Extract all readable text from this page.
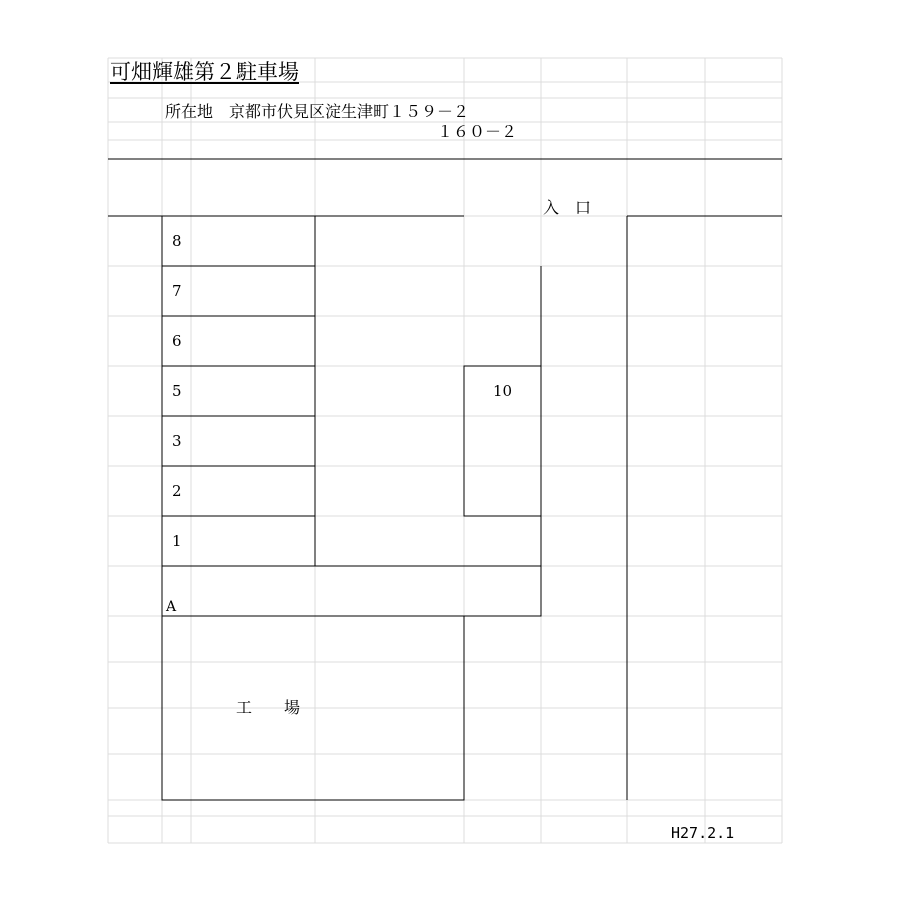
可畑輝雄第２駐車場
所在地　京都市伏見区淀生津町１５９－２
１６０－２
入　口
8
7
6
5
3
2
1
10
A
工　　場
H27.2.1
